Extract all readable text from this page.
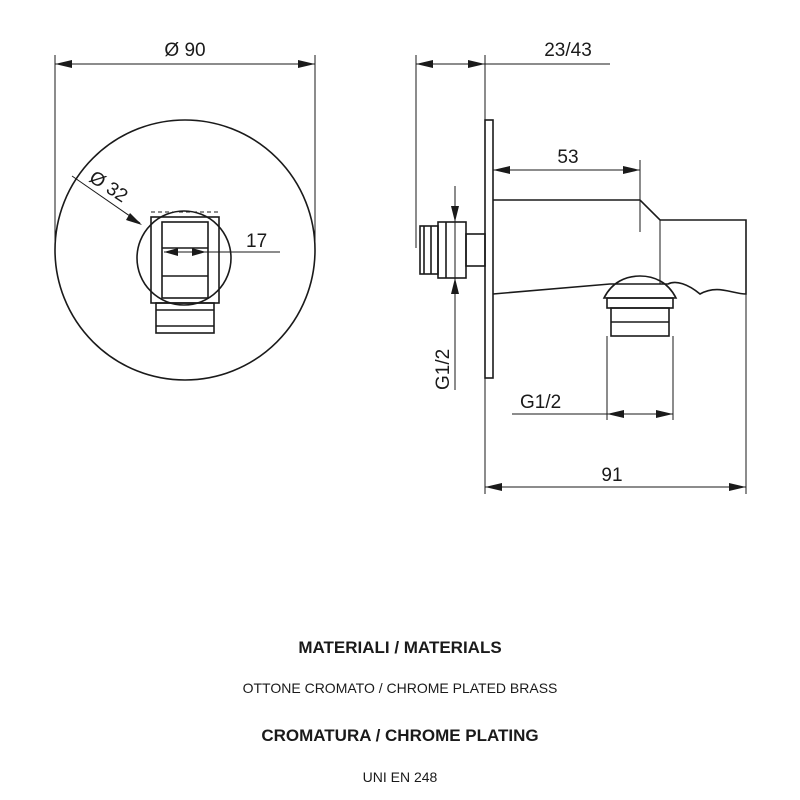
Ø 90
Ø 32
17
23/43
G1/2
53
G1/2
91

MATERIALI / MATERIALS

OTTONE CROMATO / CHROME PLATED BRASS

CROMATURA / CHROME PLATING

UNI EN 248
